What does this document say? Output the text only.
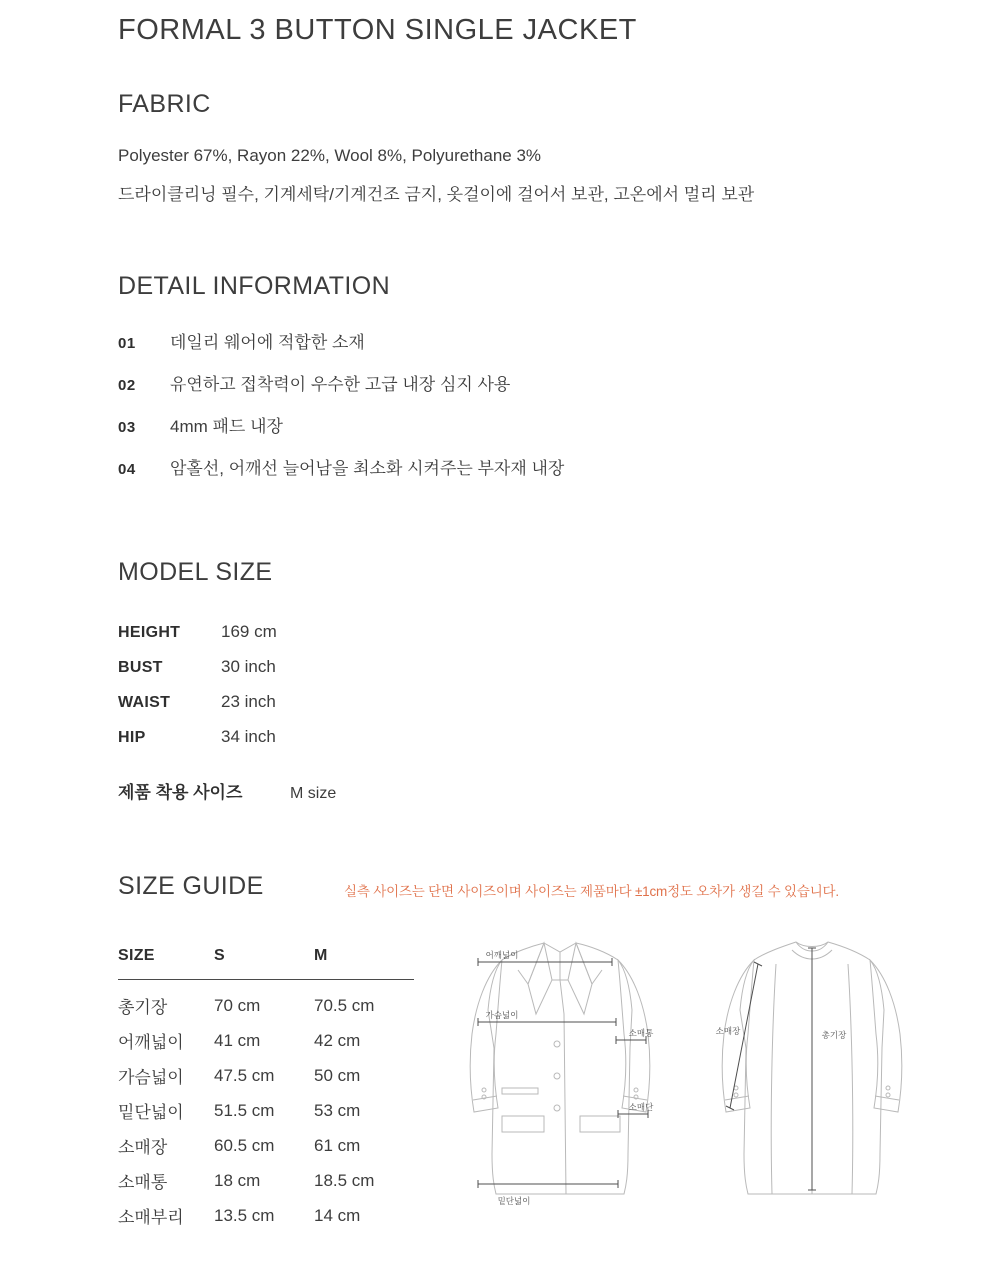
FORMAL 3 BUTTON SINGLE JACKET
FABRIC
Polyester 67%, Rayon 22%, Wool 8%, Polyurethane 3%
드라이클리닝 필수, 기계세탁/기계건조 금지, 옷걸이에 걸어서 보관, 고온에서 멀리 보관
DETAIL INFORMATION
01	데일리 웨어에 적합한 소재
02	유연하고 접착력이 우수한 고급 내장 심지 사용
03	4mm 패드 내장
04	암홀선, 어깨선 늘어남을 최소화 시켜주는 부자재 내장
MODEL SIZE
HEIGHT	169 cm
BUST	30 inch
WAIST	23 inch
HIP	34 inch
제품 착용 사이즈	M size
SIZE GUIDE	실측 사이즈는 단면 사이즈이며 사이즈는 제품마다 ±1cm정도 오차가 생길 수 있습니다.
SIZE	S	M
총기장	70 cm	70.5 cm
어깨넓이	41 cm	42 cm
가슴넓이	47.5 cm	50 cm
밑단넓이	51.5 cm	53 cm
소매장	60.5 cm	61 cm
소매통	18 cm	18.5 cm
소매부리	13.5 cm	14 cm
어깨넓이
가슴넓이
밑단넓이
소매통
소매단
총기장
소매장
